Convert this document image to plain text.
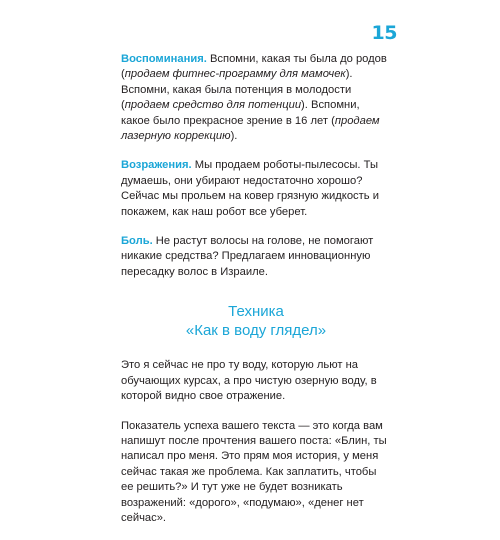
15

Воспоминания. Вспомни, какая ты была до родов (продаем фитнес-программу для мамочек). Вспомни, какая была потенция в молодости (продаем средство для потенции). Вспомни, какое было прекрасное зрение в 16 лет (продаем лазерную коррекцию).

Возражения. Мы продаем роботы-пылесосы. Ты думаешь, они убирают недостаточно хорошо? Сейчас мы прольем на ковер грязную жидкость и покажем, как наш робот все уберет.

Боль. Не растут волосы на голове, не помогают никакие средства? Предлагаем инновационную пересадку волос в Израиле.

Техника
«Как в воду глядел»

Это я сейчас не про ту воду, которую льют на обучающих курсах, а про чистую озерную воду, в которой видно свое отражение.

Показатель успеха вашего текста — это когда вам напишут после прочтения вашего поста: «Блин, ты написал про меня. Это прям моя история, у меня сейчас такая же проблема. Как заплатить, чтобы ее решить?» И тут уже не будет возникать возражений: «дорого», «подумаю», «денег нет сейчас».
